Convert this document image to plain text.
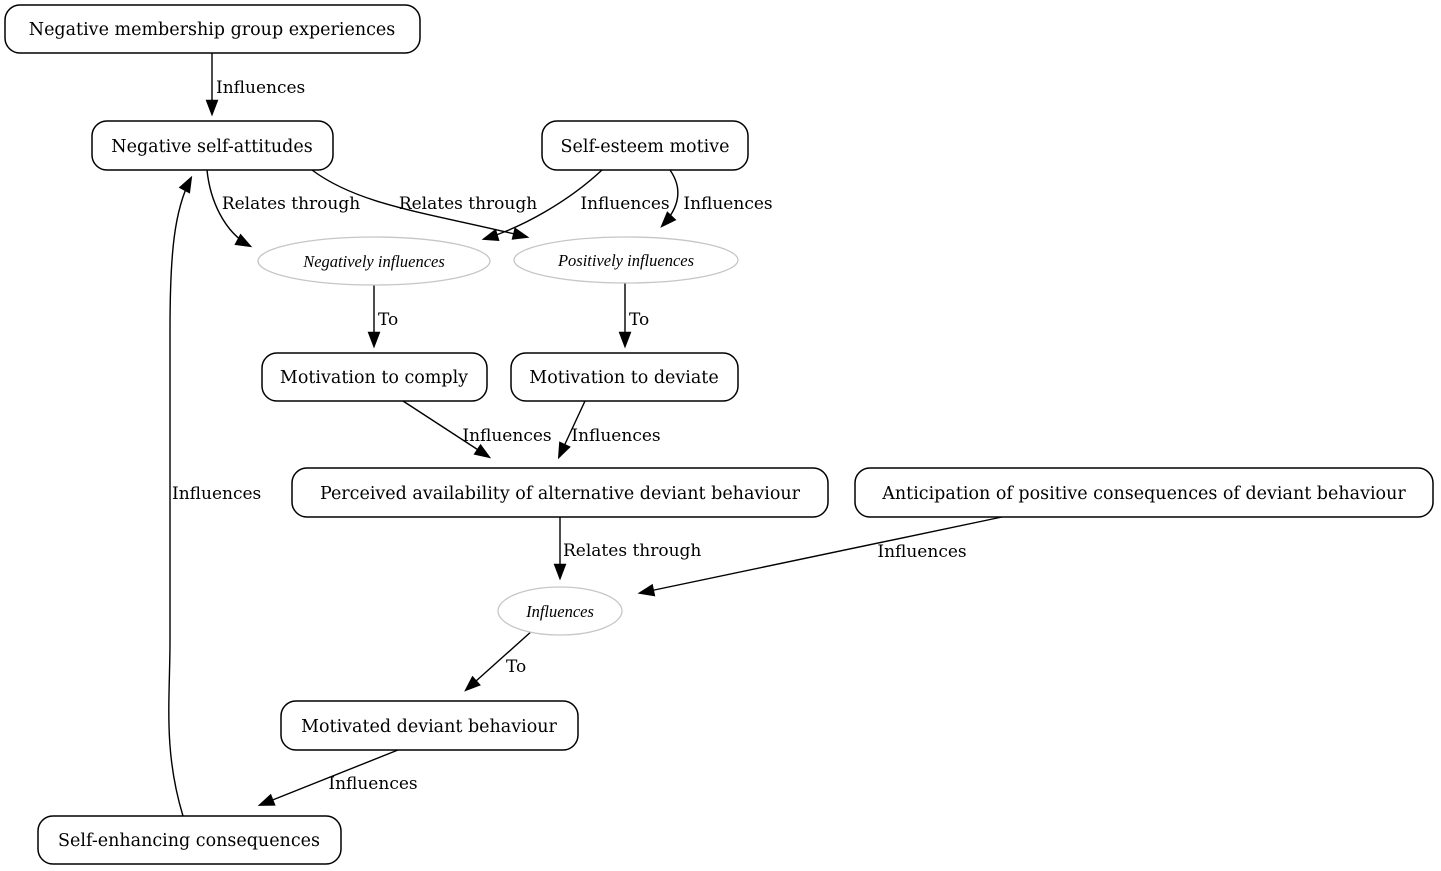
Influences
Relates through Relates through	Influences Influences
To	To
Influences Influences
Relates through	Influences
To
Influences
Influences
Negative membership group experiences
Negative self-attitudes	Self-esteem motive
Negatively influences	Positively influences
Motivation to comply	Motivation to deviate
Perceived availability of alternative deviant behaviour	Anticipation of positive consequences of deviant behaviour
Influences
Motivated deviant behaviour
Self-enhancing consequences
